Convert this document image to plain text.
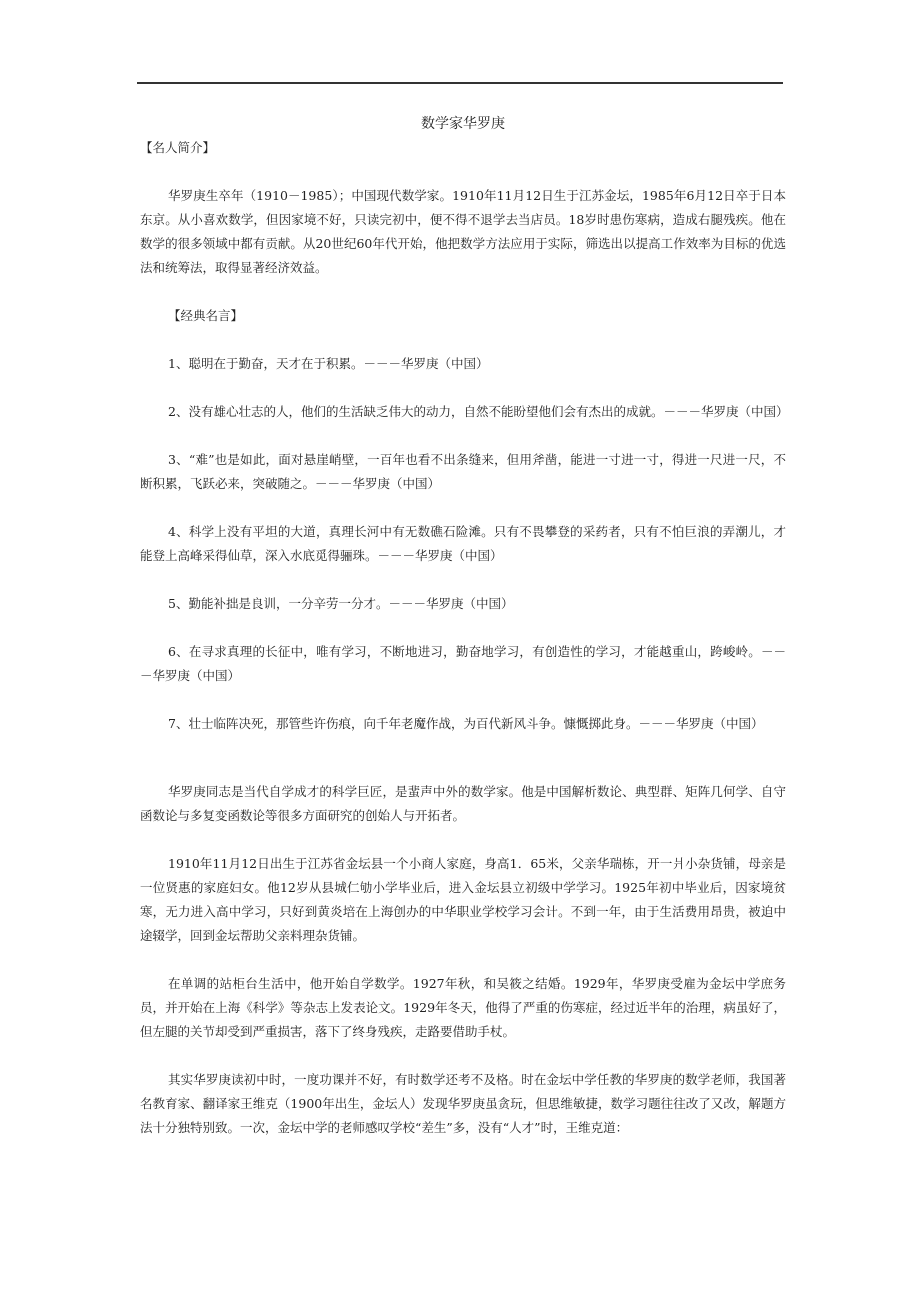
数学家华罗庚

【名人简介】

华罗庚生卒年（1910－1985）；中国现代数学家。1910年11月12日生于江苏金坛，1985年6月12日卒于日本东京。从小喜欢数学，但因家境不好，只读完初中，便不得不退学去当店员。18岁时患伤寒病，造成右腿残疾。他在数学的很多领域中都有贡献。从20世纪60年代开始，他把数学方法应用于实际，筛选出以提高工作效率为目标的优选法和统筹法，取得显著经济效益。

【经典名言】

1、聪明在于勤奋，天才在于积累。－－－华罗庚（中国）

2、没有雄心壮志的人，他们的生活缺乏伟大的动力，自然不能盼望他们会有杰出的成就。－－－华罗庚（中国）

3、“难”也是如此，面对悬崖峭壁，一百年也看不出条缝来，但用斧凿，能进一寸进一寸，得进一尺进一尺，不断积累，飞跃必来，突破随之。－－－华罗庚（中国）

4、科学上没有平坦的大道，真理长河中有无数礁石险滩。只有不畏攀登的采药者，只有不怕巨浪的弄潮儿，才能登上高峰采得仙草，深入水底觅得骊珠。－－－华罗庚（中国）

5、勤能补拙是良训，一分辛劳一分才。－－－华罗庚（中国）

6、在寻求真理的长征中，唯有学习，不断地进习，勤奋地学习，有创造性的学习，才能越重山，跨峻岭。－－－华罗庚（中国）

7、壮士临阵决死，那管些许伤痕，向千年老魔作战，为百代新风斗争。慷慨掷此身。－－－华罗庚（中国）

华罗庚同志是当代自学成才的科学巨匠，是蜚声中外的数学家。他是中国解析数论、典型群、矩阵几何学、自守函数论与多复变函数论等很多方面研究的创始人与开拓者。

1910年11月12日出生于江苏省金坛县一个小商人家庭，身高1．65米，父亲华瑞栋，开一爿小杂货铺，母亲是一位贤惠的家庭妇女。他12岁从县城仁劬小学毕业后，进入金坛县立初级中学学习。1925年初中毕业后，因家境贫寒，无力进入高中学习，只好到黄炎培在上海创办的中华职业学校学习会计。不到一年，由于生活费用昂贵，被迫中途辍学，回到金坛帮助父亲料理杂货铺。

在单调的站柜台生活中，他开始自学数学。1927年秋，和吴筱之结婚。1929年，华罗庚受雇为金坛中学庶务员，并开始在上海《科学》等杂志上发表论文。1929年冬天，他得了严重的伤寒症，经过近半年的治理，病虽好了，但左腿的关节却受到严重损害，落下了终身残疾，走路要借助手杖。

其实华罗庚读初中时，一度功课并不好，有时数学还考不及格。时在金坛中学任教的华罗庚的数学老师，我国著名教育家、翻译家王维克（1900年出生，金坛人）发现华罗庚虽贪玩，但思维敏捷，数学习题往往改了又改，解题方法十分独特别致。一次，金坛中学的老师感叹学校“差生”多，没有“人才”时，王维克道：
